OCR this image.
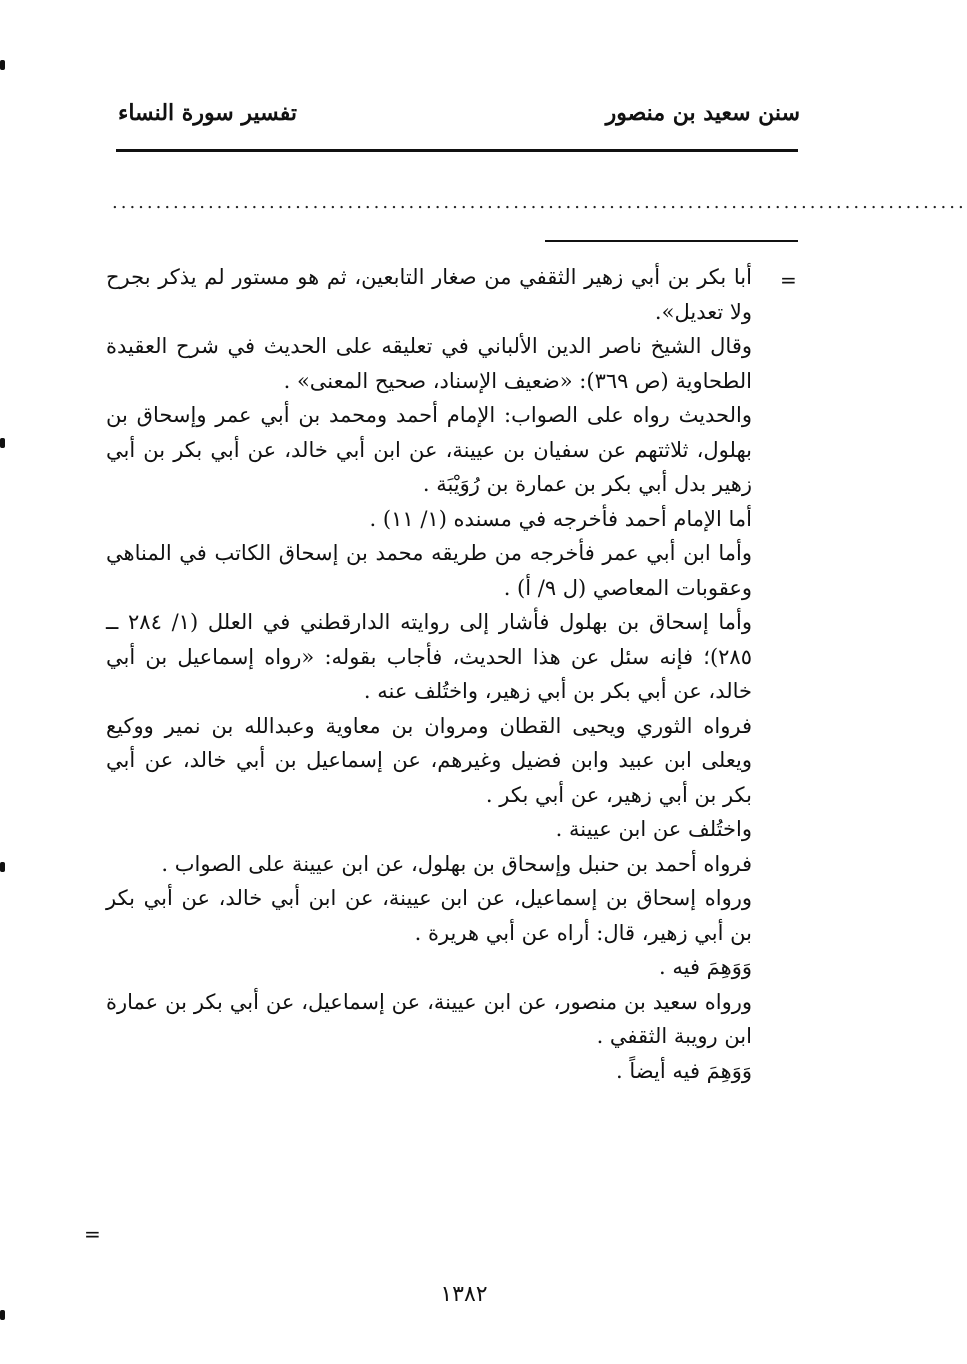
سنن سعيد بن منصور
تفسير سورة النساء
..................................................................................................
=

أبا بكر بن أبي زهير الثقفي من صغار التابعين، ثم هو مستور لم يذكر بجرح ولا تعديل».

وقال الشيخ ناصر الدين الألباني في تعليقه على الحديث في شرح العقيدة الطحاوية (ص ٣٦٩): «ضعيف الإسناد، صحيح المعنى» .

والحديث رواه على الصواب: الإمام أحمد ومحمد بن أبي عمر وإسحاق بن بهلول، ثلاثتهم عن سفيان بن عيينة، عن ابن أبي خالد، عن أبي بكر بن أبي زهير بدل أبي بكر بن عمارة بن رُوَيْبَة .

أما الإمام أحمد فأخرجه في مسنده (١/ ١١) .

وأما ابن أبي عمر فأخرجه من طريقه محمد بن إسحاق الكاتب في المناهي وعقوبات المعاصي (ل ٩/ أ) .

وأما إسحاق بن بهلول فأشار إلى روايته الدارقطني في العلل (١/ ٢٨٤ ــ ٢٨٥)؛ فإنه سئل عن هذا الحديث، فأجاب بقوله: «رواه إسماعيل بن أبي خالد، عن أبي بكر بن أبي زهير، واختُلف عنه .

فرواه الثوري ويحيى القطان ومروان بن معاوية وعبدالله بن نمير ووكيع ويعلى ابن عبيد وابن فضيل وغيرهم، عن إسماعيل بن أبي خالد، عن أبي بكر بن أبي زهير، عن أبي بكر .

واختُلف عن ابن عيينة .

فرواه أحمد بن حنبل وإسحاق بن بهلول، عن ابن عيينة على الصواب .

ورواه إسحاق بن إسماعيل، عن ابن عيينة، عن ابن أبي خالد، عن أبي بكر بن أبي زهير، قال: أراه عن أبي هريرة .

وَوَهِمَ فيه .

ورواه سعيد بن منصور، عن ابن عيينة، عن إسماعيل، عن أبي بكر بن عمارة ابن رويبة الثقفي .

وَوَهِمَ فيه أيضاً .

=
١٣٨٢
